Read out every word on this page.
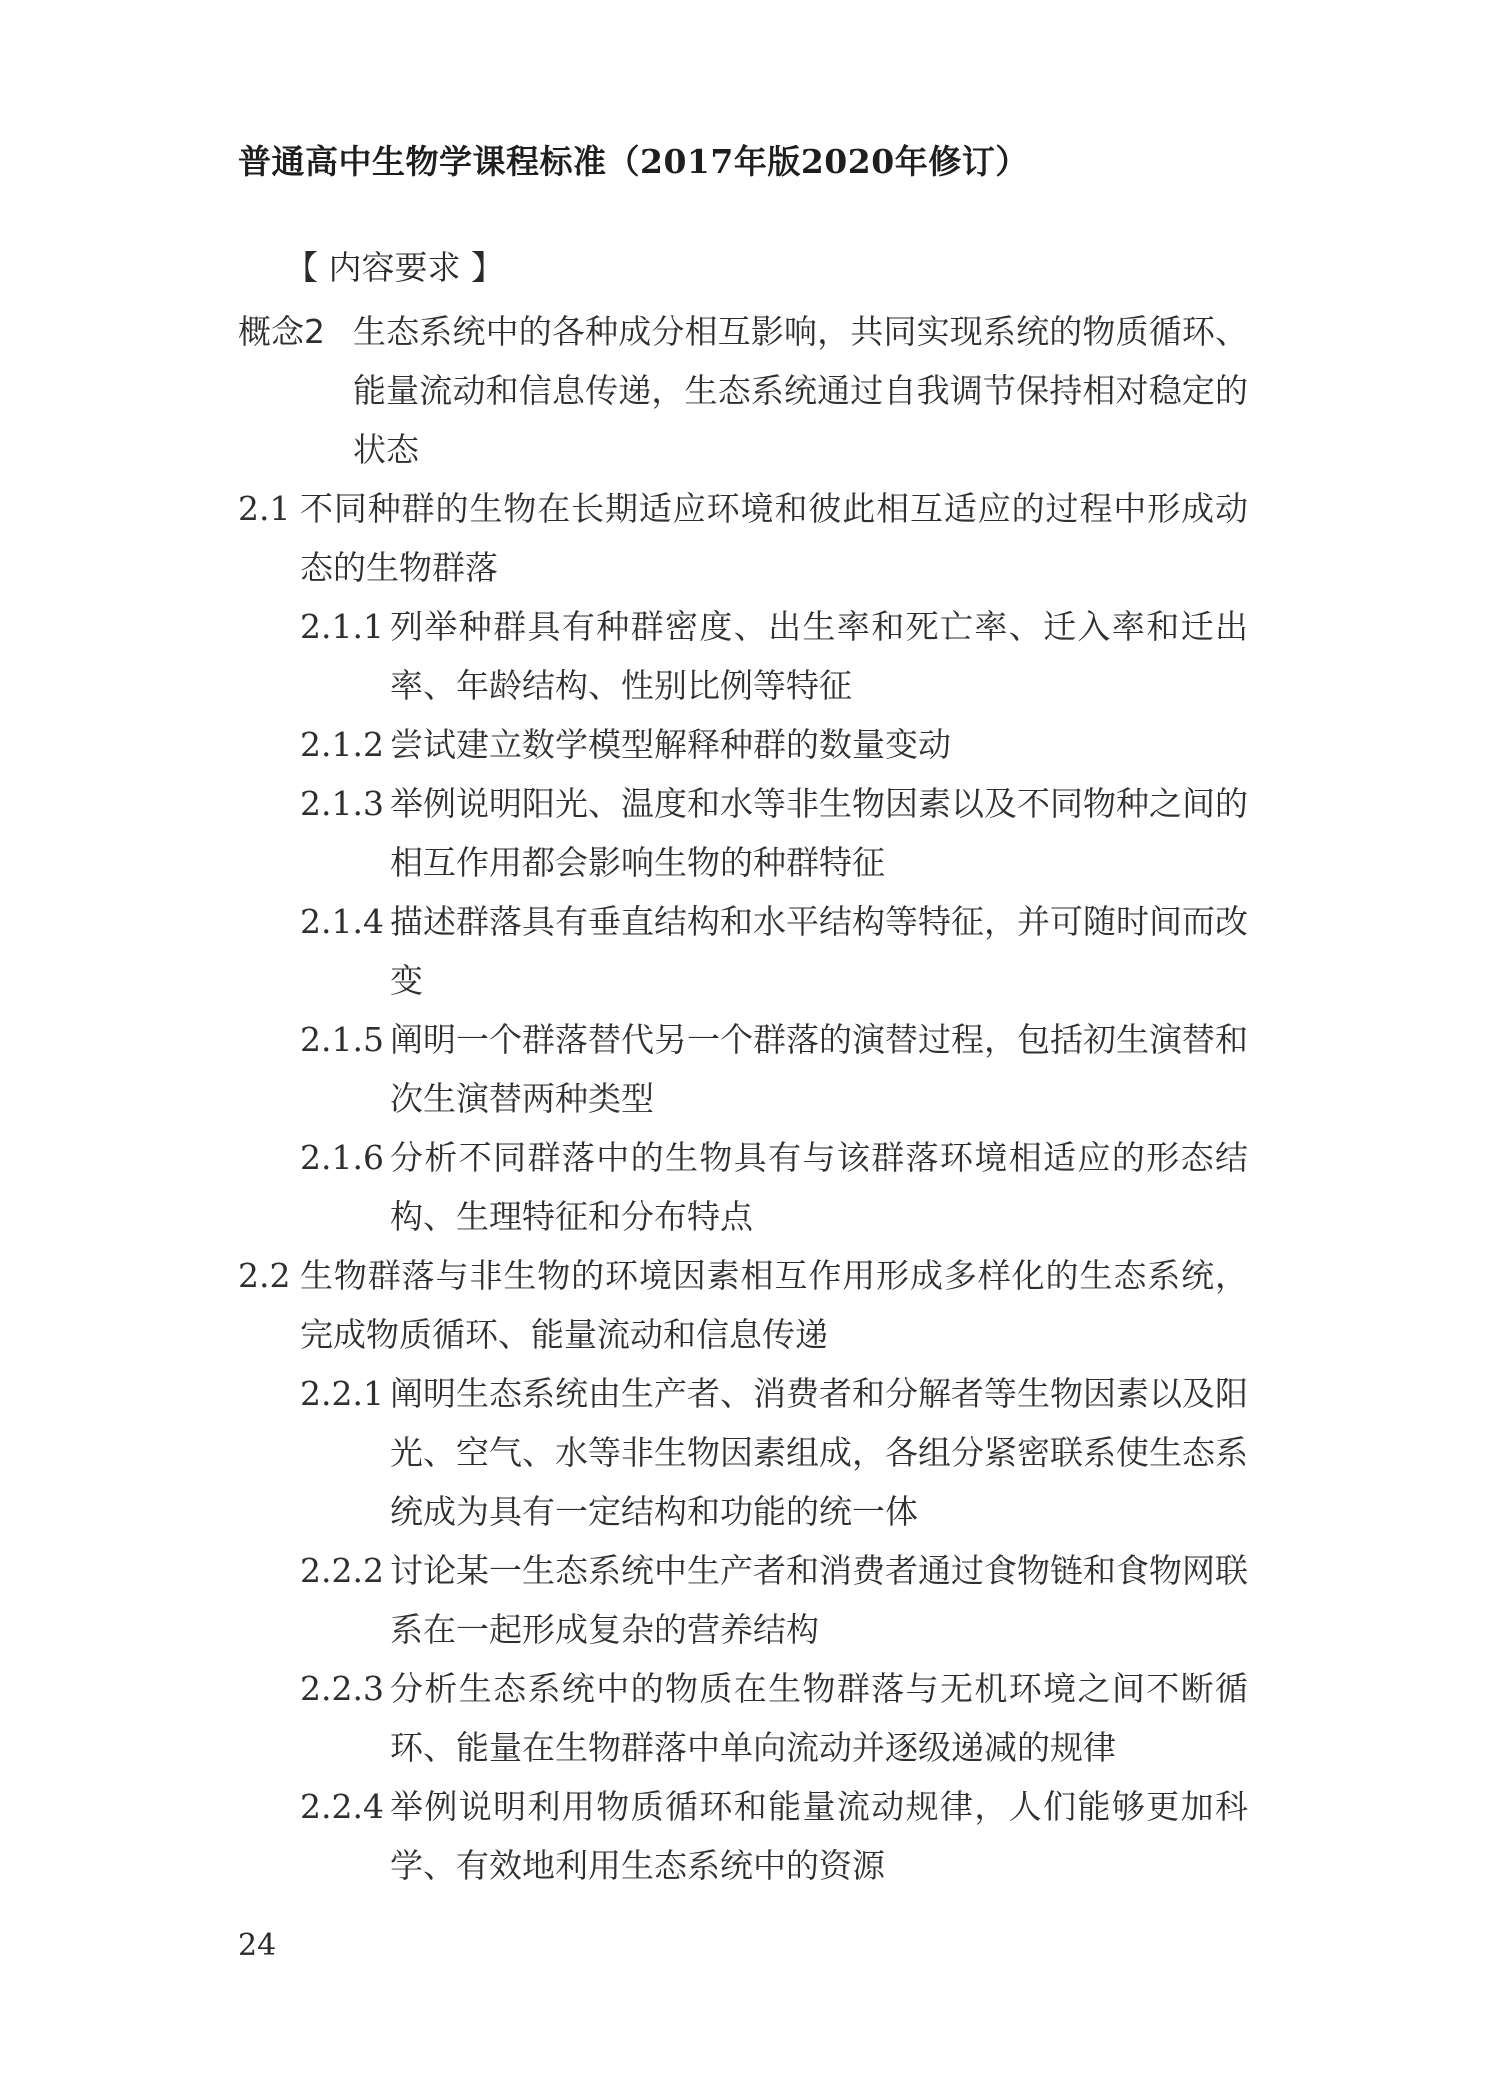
普通高中生物学课程标准（2017年版2020年修订）
【 内容要求 】
概念2 生态系统中的各种成分相互影响，共同实现系统的物质循环、能量流动和信息传递，生态系统通过自我调节保持相对稳定的状态
2.1 不同种群的生物在长期适应环境和彼此相互适应的过程中形成动态的生物群落
2.1.1 列举种群具有种群密度、出生率和死亡率、迁入率和迁出率、年龄结构、性别比例等特征
2.1.2 尝试建立数学模型解释种群的数量变动
2.1.3 举例说明阳光、温度和水等非生物因素以及不同物种之间的相互作用都会影响生物的种群特征
2.1.4 描述群落具有垂直结构和水平结构等特征，并可随时间而改变
2.1.5 阐明一个群落替代另一个群落的演替过程，包括初生演替和次生演替两种类型
2.1.6 分析不同群落中的生物具有与该群落环境相适应的形态结构、生理特征和分布特点
2.2 生物群落与非生物的环境因素相互作用形成多样化的生态系统，完成物质循环、能量流动和信息传递
2.2.1 阐明生态系统由生产者、消费者和分解者等生物因素以及阳光、空气、水等非生物因素组成，各组分紧密联系使生态系统成为具有一定结构和功能的统一体
2.2.2 讨论某一生态系统中生产者和消费者通过食物链和食物网联系在一起形成复杂的营养结构
2.2.3 分析生态系统中的物质在生物群落与无机环境之间不断循环、能量在生物群落中单向流动并逐级递减的规律
2.2.4 举例说明利用物质循环和能量流动规律，人们能够更加科学、有效地利用生态系统中的资源
24
